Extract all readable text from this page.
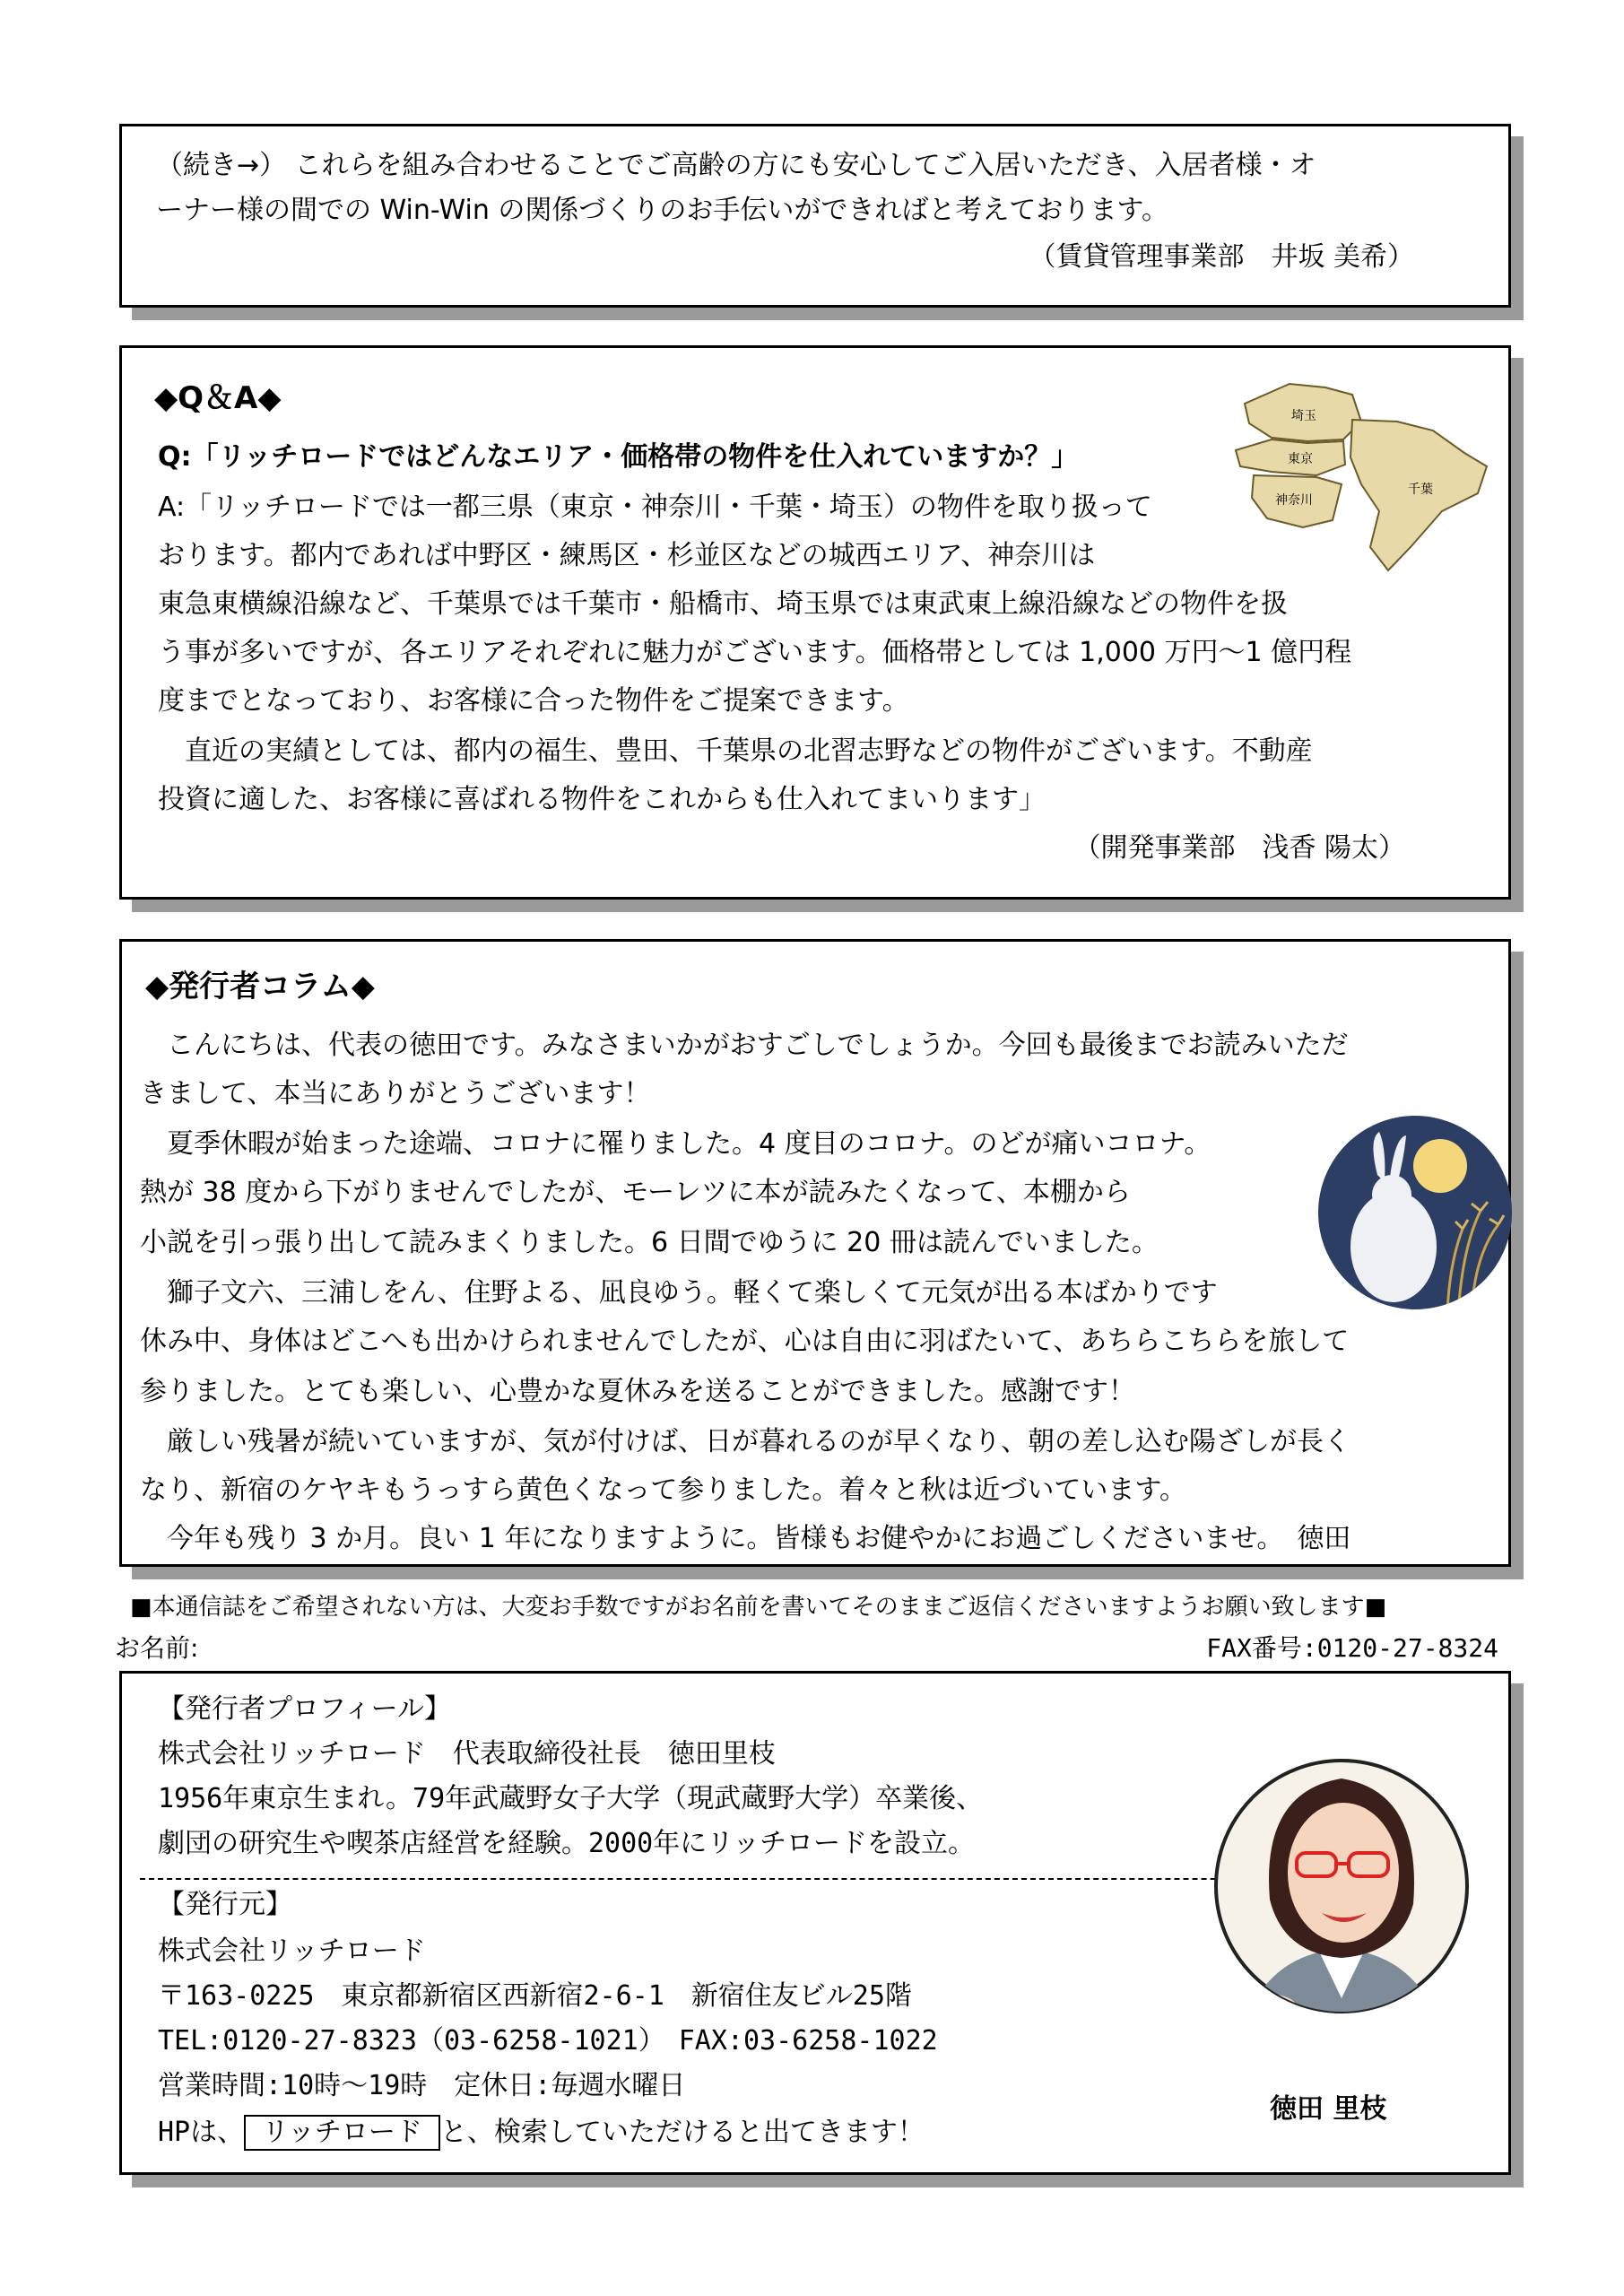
（続き→） これらを組み合わせることでご高齢の方にも安心してご入居いただき、入居者様・オ
ーナー様の間での Win-Win の関係づくりのお手伝いができればと考えております。
（賃貸管理事業部　井坂 美希）
◆Q＆A◆
Q:「リッチロードではどんなエリア・価格帯の物件を仕入れていますか？」
A:「リッチロードでは一都三県（東京・神奈川・千葉・埼玉）の物件を取り扱って
おります。都内であれば中野区・練馬区・杉並区などの城西エリア、神奈川は
東急東横線沿線など、千葉県では千葉市・船橋市、埼玉県では東武東上線沿線などの物件を扱
う事が多いですが、各エリアそれぞれに魅力がございます。価格帯としては 1,000 万円～1 億円程
度までとなっており、お客様に合った物件をご提案できます。
　直近の実績としては、都内の福生、豊田、千葉県の北習志野などの物件がございます。不動産
投資に適した、お客様に喜ばれる物件をこれからも仕入れてまいります」
（開発事業部　浅香 陽太）
埼玉
東京
神奈川
千葉
◆発行者コラム◆
　こんにちは、代表の徳田です。みなさまいかがおすごしでしょうか。今回も最後までお読みいただ
きまして、本当にありがとうございます！
　夏季休暇が始まった途端、コロナに罹りました。4 度目のコロナ。のどが痛いコロナ。
熱が 38 度から下がりませんでしたが、モーレツに本が読みたくなって、本棚から
小説を引っ張り出して読みまくりました。6 日間でゆうに 20 冊は読んでいました。
　獅子文六、三浦しをん、住野よる、凪良ゆう。軽くて楽しくて元気が出る本ばかりです
休み中、身体はどこへも出かけられませんでしたが、心は自由に羽ばたいて、あちらこちらを旅して
参りました。とても楽しい、心豊かな夏休みを送ることができました。感謝です！
　厳しい残暑が続いていますが、気が付けば、日が暮れるのが早くなり、朝の差し込む陽ざしが長く
なり、新宿のケヤキもうっすら黄色くなって参りました。着々と秋は近づいています。
　今年も残り 3 か月。良い 1 年になりますように。皆様もお健やかにお過ごしくださいませ。　徳田
■本通信誌をご希望されない方は、大変お手数ですがお名前を書いてそのままご返信くださいますようお願い致します■
お名前:	FAX番号:0120-27-8324
【発行者プロフィール】
株式会社リッチロード　代表取締役社長　徳田里枝
1956年東京生まれ。79年武蔵野女子大学（現武蔵野大学）卒業後、
劇団の研究生や喫茶店経営を経験。2000年にリッチロードを設立。
【発行元】
株式会社リッチロード
〒163-0225　東京都新宿区西新宿2-6-1　新宿住友ビル25階
TEL:0120-27-8323（03-6258-1021）　FAX:03-6258-1022
営業時間:10時～19時　定休日:毎週水曜日
HPは、 リッチロード と、検索していただけると出てきます！
徳田 里枝
